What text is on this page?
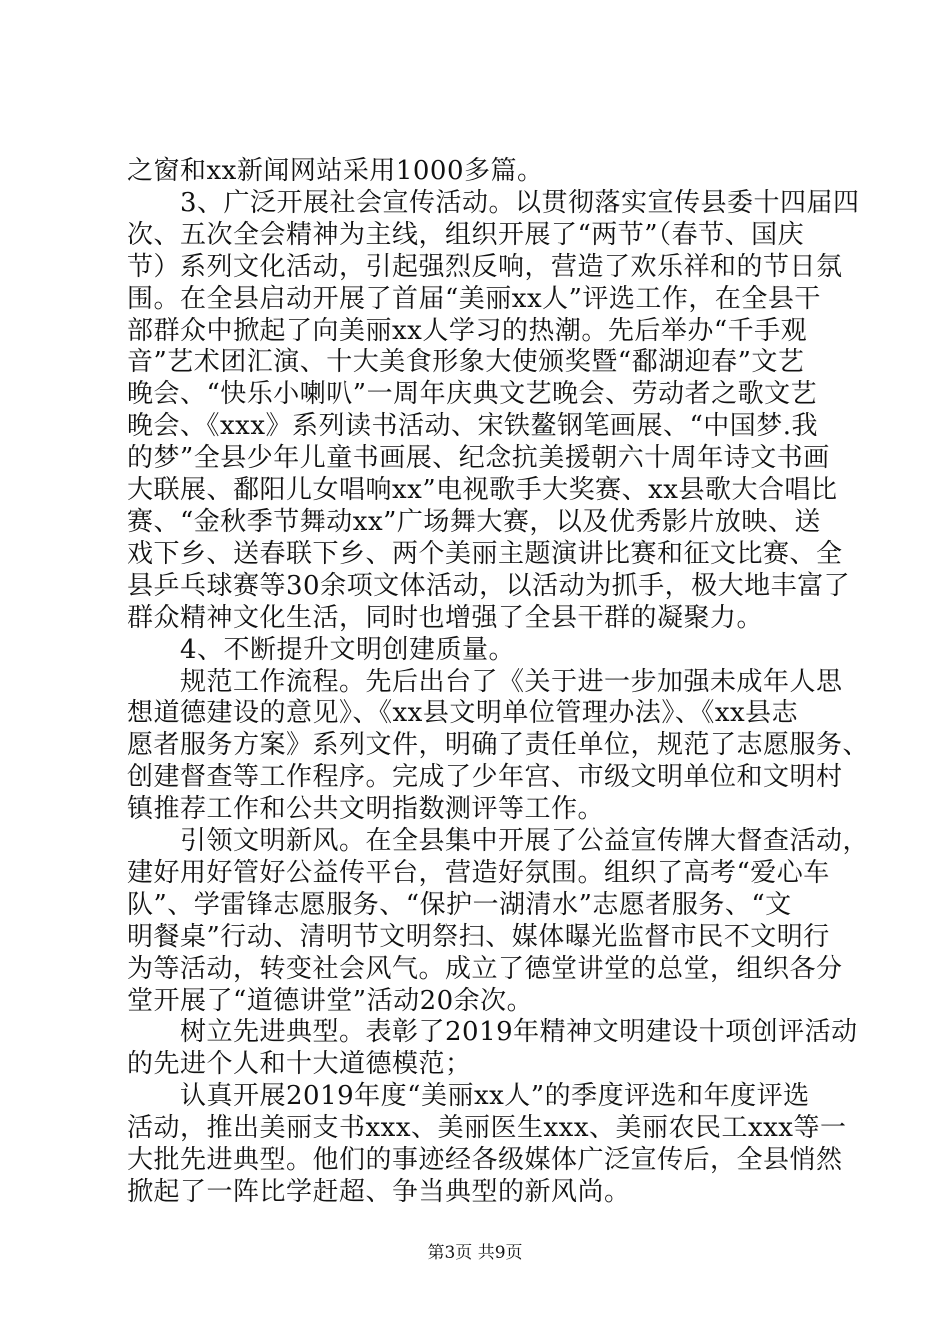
之窗和xx新闻网站采用1000多篇。
　　3、广泛开展社会宣传活动。以贯彻落实宣传县委十四届四
次、五次全会精神为主线，组织开展了“两节”（春节、国庆
节）系列文化活动，引起强烈反响，营造了欢乐祥和的节日氛
围。在全县启动开展了首届“美丽xx人”评选工作，在全县干
部群众中掀起了向美丽xx人学习的热潮。先后举办“千手观
音”艺术团汇演、十大美食形象大使颁奖暨“鄱湖迎春”文艺
晚会、“快乐小喇叭”一周年庆典文艺晚会、劳动者之歌文艺
晚会、《xxx》系列读书活动、宋铁鳌钢笔画展、“中国梦.我
的梦”全县少年儿童书画展、纪念抗美援朝六十周年诗文书画
大联展、鄱阳儿女唱响xx”电视歌手大奖赛、xx县歌大合唱比
赛、“金秋季节舞动xx”广场舞大赛，以及优秀影片放映、送
戏下乡、送春联下乡、两个美丽主题演讲比赛和征文比赛、全
县乒乓球赛等30余项文体活动，以活动为抓手，极大地丰富了
群众精神文化生活，同时也增强了全县干群的凝聚力。
　　4、不断提升文明创建质量。
　　规范工作流程。先后出台了《关于进一步加强未成年人思
想道德建设的意见》、《xx县文明单位管理办法》、《xx县志
愿者服务方案》系列文件，明确了责任单位，规范了志愿服务、
创建督查等工作程序。完成了少年宫、市级文明单位和文明村
镇推荐工作和公共文明指数测评等工作。
　　引领文明新风。在全县集中开展了公益宣传牌大督查活动，
建好用好管好公益传平台，营造好氛围。组织了高考“爱心车
队”、学雷锋志愿服务、“保护一湖清水”志愿者服务、“文
明餐桌”行动、清明节文明祭扫、媒体曝光监督市民不文明行
为等活动，转变社会风气。成立了德堂讲堂的总堂，组织各分
堂开展了“道德讲堂”活动20余次。
　　树立先进典型。表彰了2019年精神文明建设十项创评活动
的先进个人和十大道德模范；
　　认真开展2019年度“美丽xx人”的季度评选和年度评选
活动，推出美丽支书xxx、美丽医生xxx、美丽农民工xxx等一
大批先进典型。他们的事迹经各级媒体广泛宣传后，全县悄然
掀起了一阵比学赶超、争当典型的新风尚。
第3页 共9页
